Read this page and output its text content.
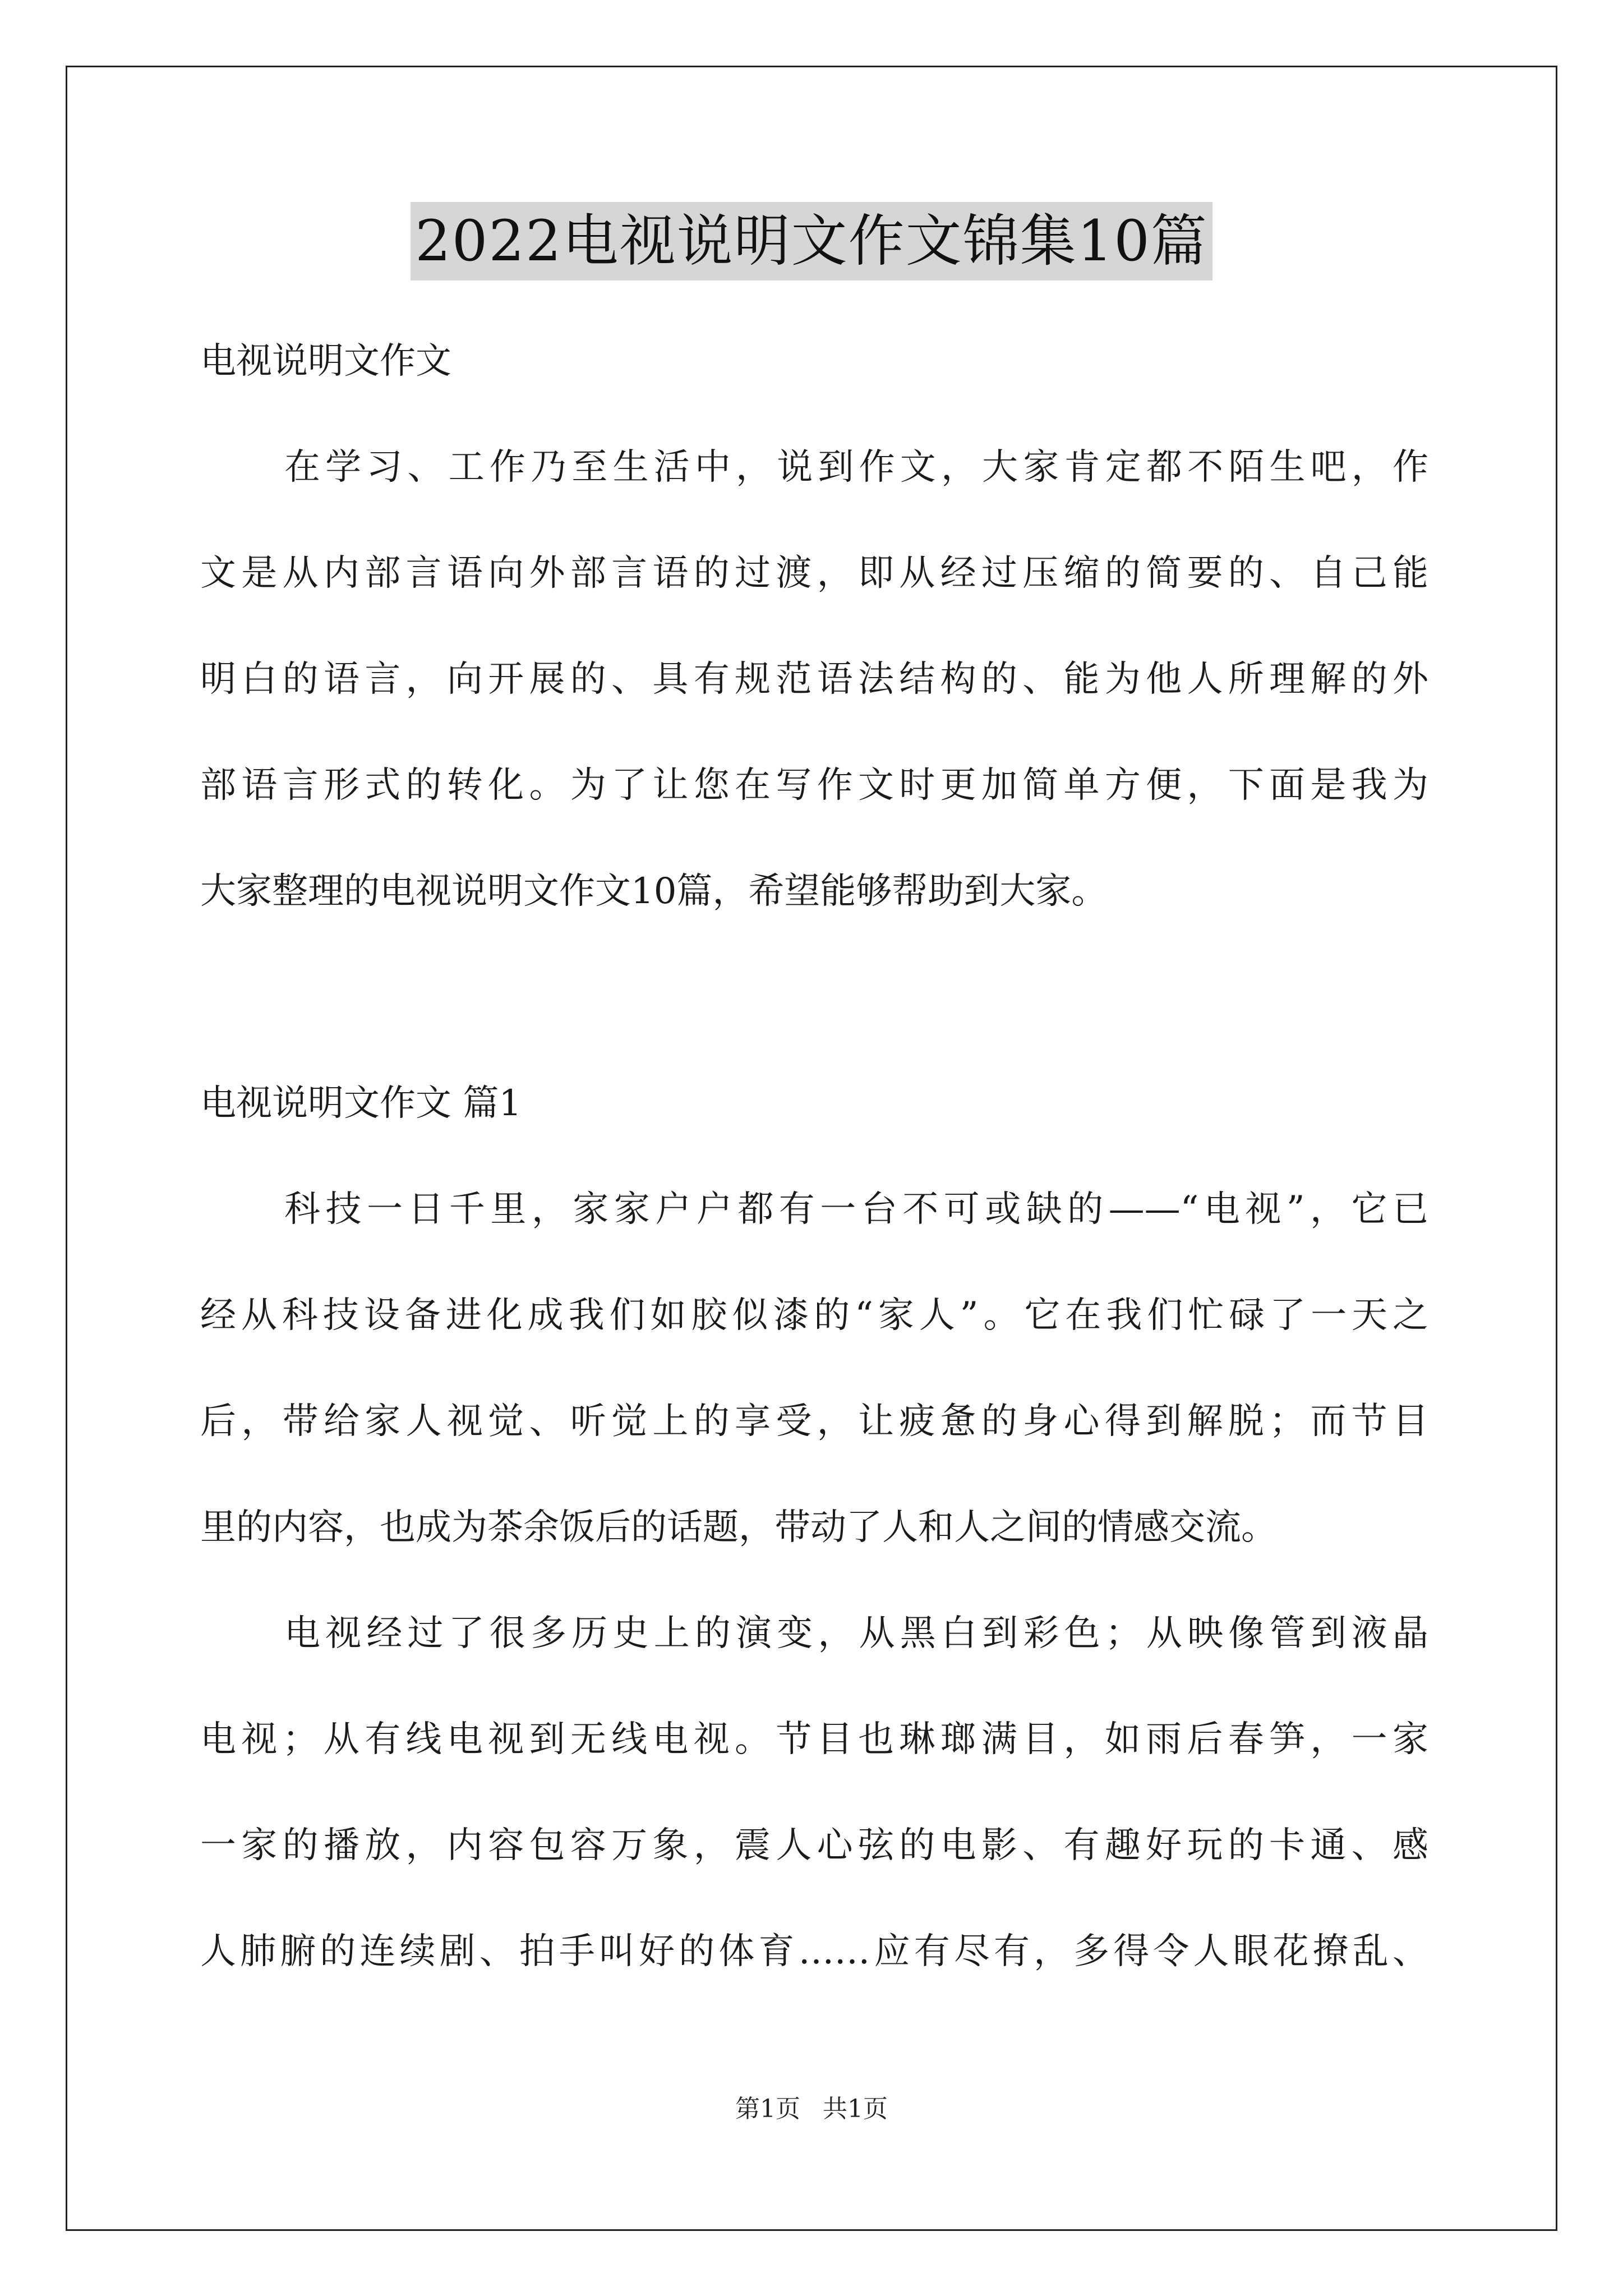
2022电视说明文作文锦集10篇

电视说明文作文

在学习、工作乃至生活中，说到作文，大家肯定都不陌生吧，作

文是从内部言语向外部言语的过渡，即从经过压缩的简要的、自己能

明白的语言，向开展的、具有规范语法结构的、能为他人所理解的外

部语言形式的转化。为了让您在写作文时更加简单方便，下面是我为

大家整理的电视说明文作文10篇，希望能够帮助到大家。

电视说明文作文 篇1

科技一日千里，家家户户都有一台不可或缺的——“电视”，它已

经从科技设备进化成我们如胶似漆的“家人”。它在我们忙碌了一天之

后，带给家人视觉、听觉上的享受，让疲惫的身心得到解脱；而节目

里的内容，也成为茶余饭后的话题，带动了人和人之间的情感交流。

电视经过了很多历史上的演变，从黑白到彩色；从映像管到液晶

电视；从有线电视到无线电视。节目也琳瑯满目，如雨后春笋，一家

一家的播放，内容包容万象，震人心弦的电影、有趣好玩的卡通、感

人肺腑的连续剧、拍手叫好的体育……应有尽有，多得令人眼花撩乱、

第1页 共1页
